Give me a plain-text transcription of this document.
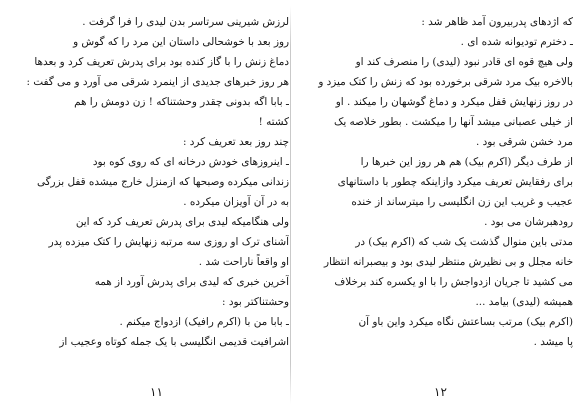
لرزش شیرینی سرتاسر بدن لیدی را فرا گرفت .
روز بعد با خوشحالی داستان این مرد را که گوش و
دماغ زنش را با گاز کنده بود برای پدرش تعریف کرد و بعدها
هر روز خبرهای جدیدی از اینمرد شرقی می آورد و می گفت :
ـ بابا اگه بدونی چقدر وحشتناکه ! زن دومش را هم
کشته !
چند روز بعد تعریف کرد :
ـ اینروزهای خودش درخانه ای که روی کوه بود
زندانی میکرده وصبحها که ازمنزل خارج میشده قفل بزرگی
به در آن آویزان میکرده .
ولی هنگامیکه لیدی برای پدرش تعریف کرد که این
آشنای ترک او روزی سه مرتبه زنهایش را کتک میزده پدر
او واقعاً ناراحت شد .
آخرین خبری که لیدی برای پدرش آورد از همه
وحشتناکتر بود :
ـ بابا من با (اکرم رافیک) ازدواج میکنم .
اشرافیت قدیمی انگلیسی با یک جمله کوتاه وعجیب از
۱۱
که اژدهای پدربیرون آمد ظاهر شد :
ـ دخترم تودیوانه شده ای .
ولی هیچ قوه ای قادر نبود (لیدی) را منصرف کند او
بالاخره بیک مرد شرقی برخورده بود که زنش را کتک میزد و
در روز زنهایش قفل میکرد و دماغ گوشهان را میکند . او
از خیلی عصبانی میشد آنها را میکشت . بطور خلاصه یک
مرد خشن شرقی بود .
از طرف دیگر (اکرم بیک) هم هر روز این خبرها را
برای رفقایش تعریف میکرد وازاینکه چطور با داستانهای
عجیب و غریب این زن انگلیسی را میترساند از خنده
رودهبرشان می بود .
مدتی باین منوال گذشت یک شب که (اکرم بیک) در
خانه مجلل و بی نظیرش منتظر لیدی بود و بیصبرانه انتظار
می کشید تا جریان ازدواجش را با او یکسره کند برخلاف
همیشه (لیدی) بیامد ...
(اکرم بیک) مرتب بساعتش نگاه میکرد واین باو آن
پا میشد .
۱۲
